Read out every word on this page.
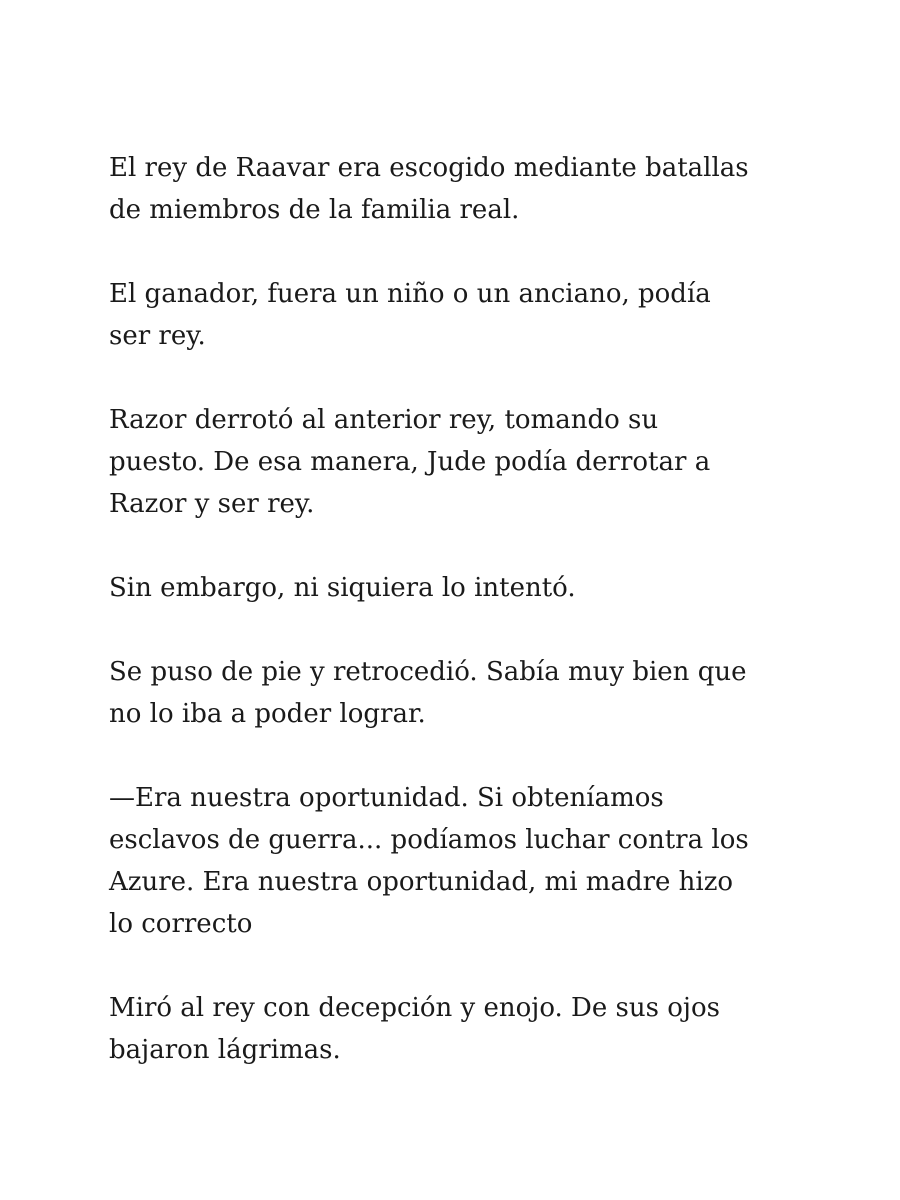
El rey de Raavar era escogido mediante batallas
de miembros de la familia real.

El ganador, fuera un niño o un anciano, podía
ser rey.

Razor derrotó al anterior rey, tomando su
puesto. De esa manera, Jude podía derrotar a
Razor y ser rey.

Sin embargo, ni siquiera lo intentó.

Se puso de pie y retrocedió. Sabía muy bien que
no lo iba a poder lograr.

—Era nuestra oportunidad. Si obteníamos
esclavos de guerra... podíamos luchar contra los
Azure. Era nuestra oportunidad, mi madre hizo
lo correcto

Miró al rey con decepción y enojo. De sus ojos
bajaron lágrimas.
